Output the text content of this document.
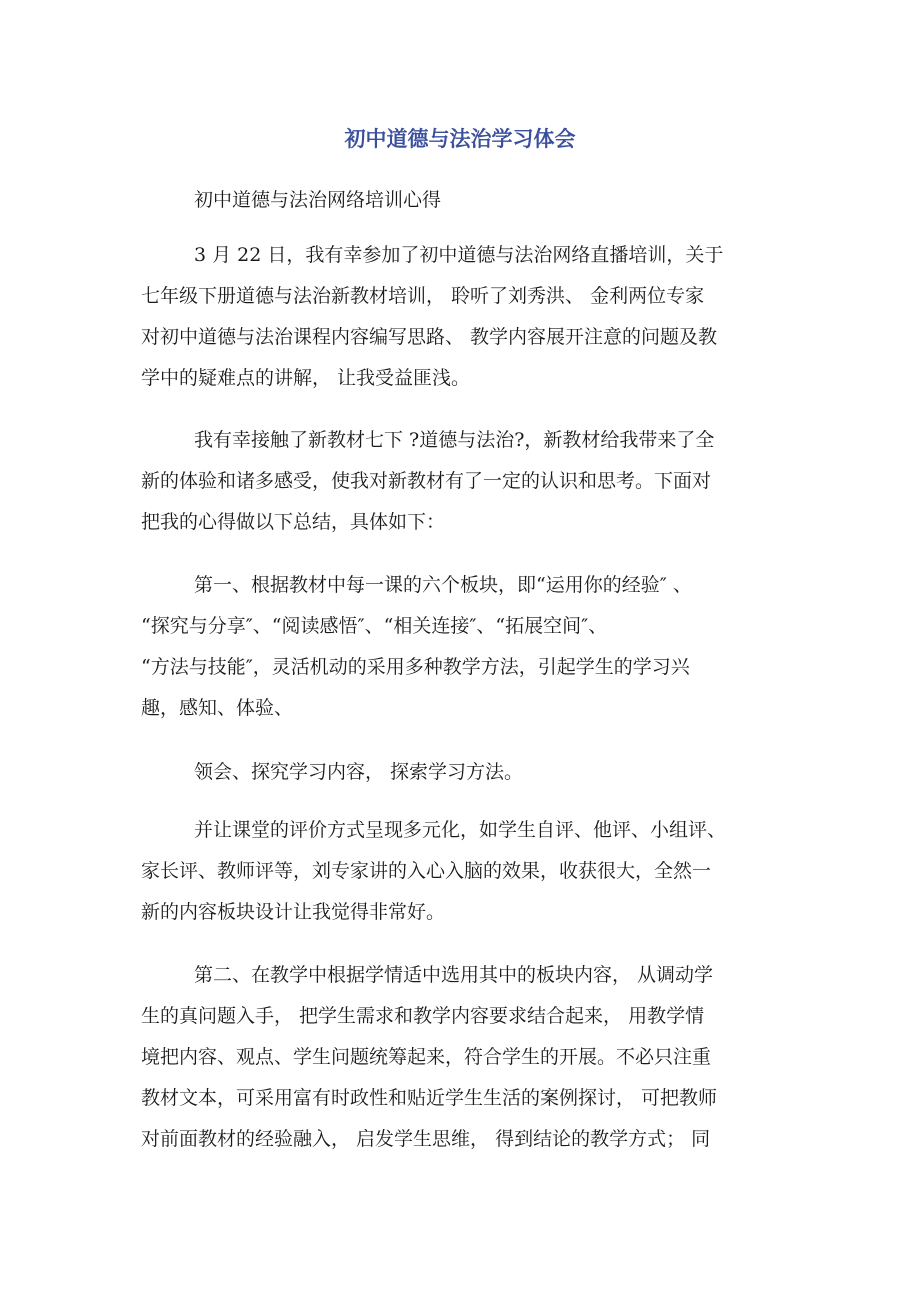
初中道德与法治学习体会
初中道德与法治网络培训心得
3 月 22 日，我有幸参加了初中道德与法治网络直播培训，关于
七年级下册道德与法治新教材培训， 聆听了刘秀洪、 金利两位专家
对初中道德与法治课程内容编写思路、 教学内容展开注意的问题及教
学中的疑难点的讲解， 让我受益匪浅。
我有幸接触了新教材七下 ?道德与法治?，新教材给我带来了全
新的体验和诸多感受，使我对新教材有了一定的认识和思考。下面对
把我的心得做以下总结，具体如下：
第一、根据教材中每一课的六个板块，即“运用你的经验″ 、
“探究与分享″、“阅读感悟″、“相关连接″、“拓展空间″、
“方法与技能″，灵活机动的采用多种教学方法，引起学生的学习兴
趣，感知、体验、
领会、探究学习内容， 探索学习方法。
并让课堂的评价方式呈现多元化，如学生自评、他评、小组评、
家长评、教师评等，刘专家讲的入心入脑的效果，收获很大，全然一
新的内容板块设计让我觉得非常好。
第二、在教学中根据学情适中选用其中的板块内容， 从调动学
生的真问题入手， 把学生需求和教学内容要求结合起来， 用教学情
境把内容、观点、学生问题统筹起来，符合学生的开展。不必只注重
教材文本，可采用富有时政性和贴近学生生活的案例探讨， 可把教师
对前面教材的经验融入， 启发学生思维， 得到结论的教学方式； 同
